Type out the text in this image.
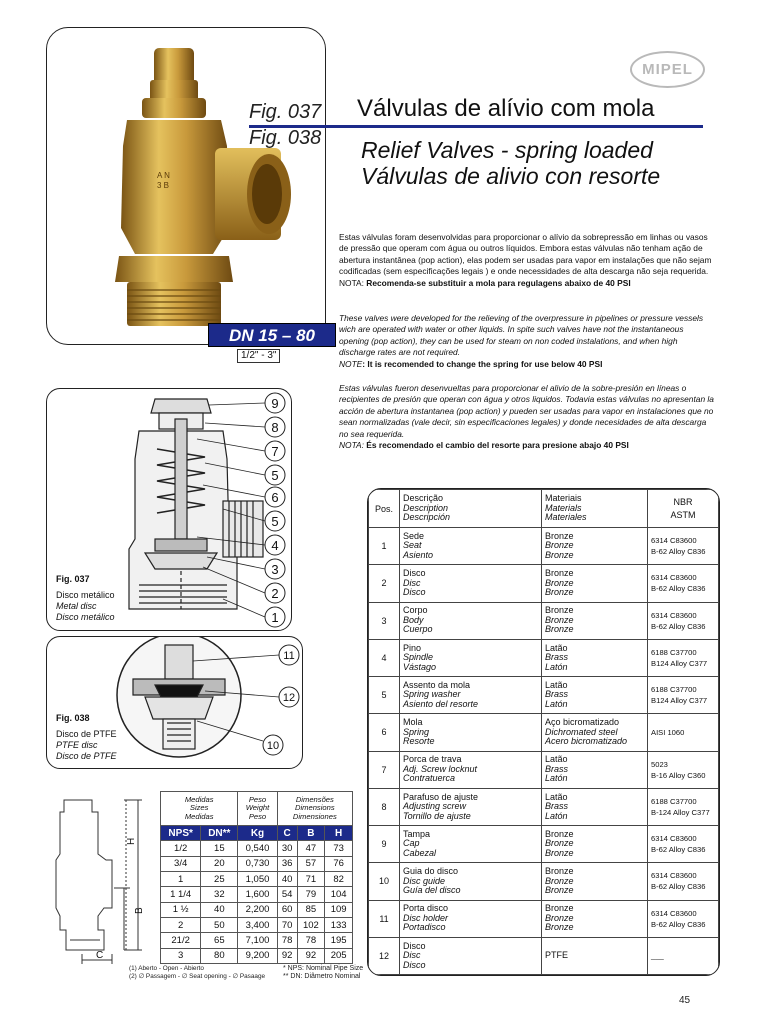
A N
3 B
DN 15 – 80
1/2" - 3"
Fig. 037
Fig. 038
Válvulas de alívio com mola
Relief Valves - spring loaded
Válvulas de alivio con resorte
MIPEL
Estas válvulas foram desenvolvidas para proporcionar o alívio da sobrepressão em linhas ou vasos de pressão que operam com água ou outros líquidos. Embora estas válvulas não tenham ação de abertura instantânea (pop action), elas podem ser usadas para vapor em instalações que não sejam codificadas (sem especificações legais ) e onde necessidades de alta descarga não seja requerida.
NOTA: Recomenda-se substituir a mola para regulagens abaixo de 40 PSI
These valves were developed for the relieving of the overpressure in pipelines or pressure vessels wich are operated with water or other liquids. In spite such valves have not the instantaneous opening (pop action), they can be used for steam on non coded instalations, and when high discharge rates are not required.
NOTE: It is recomended to change the spring for use below 40 PSI
Estas válvulas fueron desenvueltas para proporcionar el alivio de la sobre-presión en líneas o recipientes de presión que operan con água y otros liquidos. Todavia estas válvulas no apresentan la acción de abertura instantanea (pop action) y pueden ser usadas para vapor en instalaciones que no sean normalizadas (vale decir, sin especificaciones legales) y donde necesidades de alta descarga no sea requerida.
NOTA: És recomendado el cambio del resorte para presione abajo 40 PSI
9
8
7
5
6
5
4
3
2
1
Fig. 037
Disco metálico
Metal disc
Disco metálico
11
12
10
Fig. 038
Disco de PTFE
PTFE disc
Disco de PTFE
H
B
C
Medidas
Sizes
Medidas		Peso
Weight
Peso	Dimensões
Dimensions
Dimensiones		

NPS*	DN**	Kg	C	B	H
1/2	15	0,540	30	47	73
3/4	20	0,730	36	57	76
1	25	1,050	40	71	82
1 1/4	32	1,600	54	79	104
1 ½	40	2,200	60	85	109
2	50	3,400	70	102	133
21/2	65	7,100	78	78	195
3	80	9,200	92	92	205
(1) Aberto - Open - Abierto
(2) ∅ Passagem - ∅ Seat opening - ∅ Pasaage
* NPS: Nominal Pipe Size
** DN: Diâmetro Nominal
Pos.	Descrição
Description
Descripción	Materiais
Materials
Materiales	NBR
ASTM

1	Sede
Seat
Asiento	Bronze
Bronze
Bronze	6314 C83600
B-62 Alloy C836

2	Disco
Disc
Disco	Bronze
Bronze
Bronze	6314 C83600
B-62 Alloy C836

3	Corpo
Body
Cuerpo	Bronze
Bronze
Bronze	6314 C83600
B-62 Alloy C836

4	Pino
Spindle
Vástago	Latão
Brass
Latón	6188 C37700
B124 Alloy C377

5	Assento da mola
Spring washer
Asiento del resorte	Latão
Brass
Latón	6188 C37700
B124 Alloy C377

6	Mola
Spring
Resorte	Aço bicromatizado
Dichromated steel
Acero bicromatizado	AISI 1060

7	Porca de trava
Adj. Screw locknut
Contratuerca	Latão
Brass
Latón	5023
B-16 Alloy C360

8	Parafuso de ajuste
Adjusting screw
Tornillo de ajuste	Latão
Brass
Latón	6188 C37700
B-124 Alloy C377

9	Tampa
Cap
Cabezal	Bronze
Bronze
Bronze	6314 C83600
B-62 Alloy C836

10	Guia do disco
Disc guide
Guía del disco	Bronze
Bronze
Bronze	6314 C83600
B-62 Alloy C836

11	Porta disco
Disc holder
Portadisco	Bronze
Bronze
Bronze	6314 C83600
B-62 Alloy C836

12	Disco
Disc
Disco	PTFE	___
45
